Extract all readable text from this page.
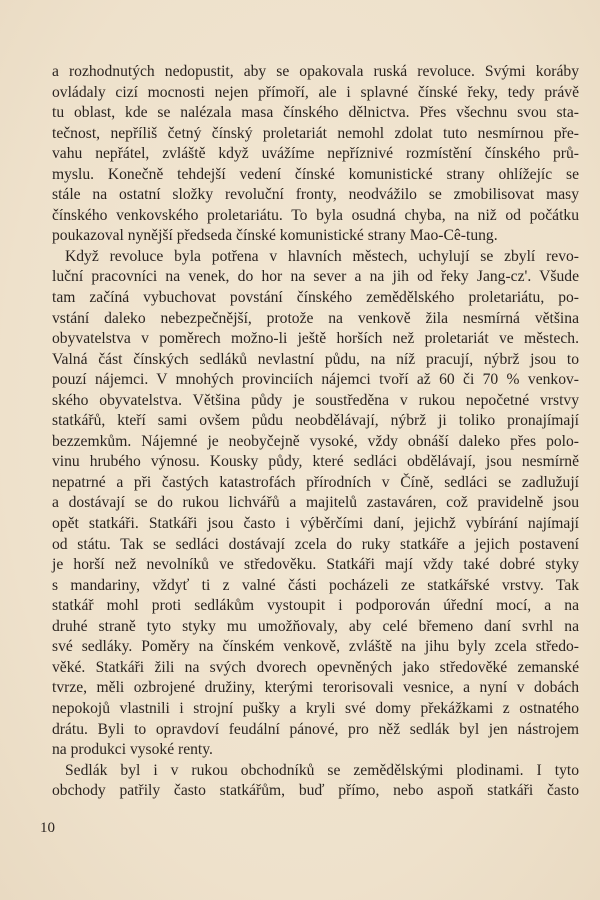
a rozhodnutých nedopustit, aby se opakovala ruská revoluce. Svými koráby
ovládaly cizí mocnosti nejen přímoří, ale i splavné čínské řeky, tedy právě
tu oblast, kde se nalézala masa čínského dělnictva. Přes všechnu svou sta-
tečnost, nepříliš četný čínský proletariát nemohl zdolat tuto nesmírnou pře-
vahu nepřátel, zvláště když uvážíme nepříznivé rozmístění čínského prů-
myslu. Konečně tehdejší vedení čínské komunistické strany ohlížejíc se
stále na ostatní složky revoluční fronty, neodvážilo se zmobilisovat masy
čínského venkovského proletariátu. To byla osudná chyba, na niž od počátku
poukazoval nynější předseda čínské komunistické strany Mao-Cê-tung.
Když revoluce byla potřena v hlavních městech, uchylují se zbylí revo-
luční pracovníci na venek, do hor na sever a na jih od řeky Jang-cz'. Všude
tam začíná vybuchovat povstání čínského zemědělského proletariátu, po-
vstání daleko nebezpečnější, protože na venkově žila nesmírná většina
obyvatelstva v poměrech možno-li ještě horších než proletariát ve městech.
Valná část čínských sedláků nevlastní půdu, na níž pracují, nýbrž jsou to
pouzí nájemci. V mnohých provinciích nájemci tvoří až 60 či 70 % venkov-
ského obyvatelstva. Většina půdy je soustředěna v rukou nepočetné vrstvy
statkářů, kteří sami ovšem půdu neobdělávají, nýbrž ji toliko pronajímají
bezzemkům. Nájemné je neobyčejně vysoké, vždy obnáší daleko přes polo-
vinu hrubého výnosu. Kousky půdy, které sedláci obdělávají, jsou nesmírně
nepatrné a při častých katastrofách přírodních v Číně, sedláci se zadlužují
a dostávají se do rukou lichvářů a majitelů zastaváren, což pravidelně jsou
opět statkáři. Statkáři jsou často i výběrčími daní, jejichž vybírání najímají
od státu. Tak se sedláci dostávají zcela do ruky statkáře a jejich postavení
je horší než nevolníků ve středověku. Statkáři mají vždy také dobré styky
s mandariny, vždyť ti z valné části pocházeli ze statkářské vrstvy. Tak
statkář mohl proti sedlákům vystoupit i podporován úřední mocí, a na
druhé straně tyto styky mu umožňovaly, aby celé břemeno daní svrhl na
své sedláky. Poměry na čínském venkově, zvláště na jihu byly zcela středo-
věké. Statkáři žili na svých dvorech opevněných jako středověké zemanské
tvrze, měli ozbrojené družiny, kterými terorisovali vesnice, a nyní v dobách
nepokojů vlastnili i strojní pušky a kryli své domy překážkami z ostnatého
drátu. Byli to opravdoví feudální pánové, pro něž sedlák byl jen nástrojem
na produkci vysoké renty.
Sedlák byl i v rukou obchodníků se zemědělskými plodinami. I tyto
obchody patřily často statkářům, buď přímo, nebo aspoň statkáři často
10
